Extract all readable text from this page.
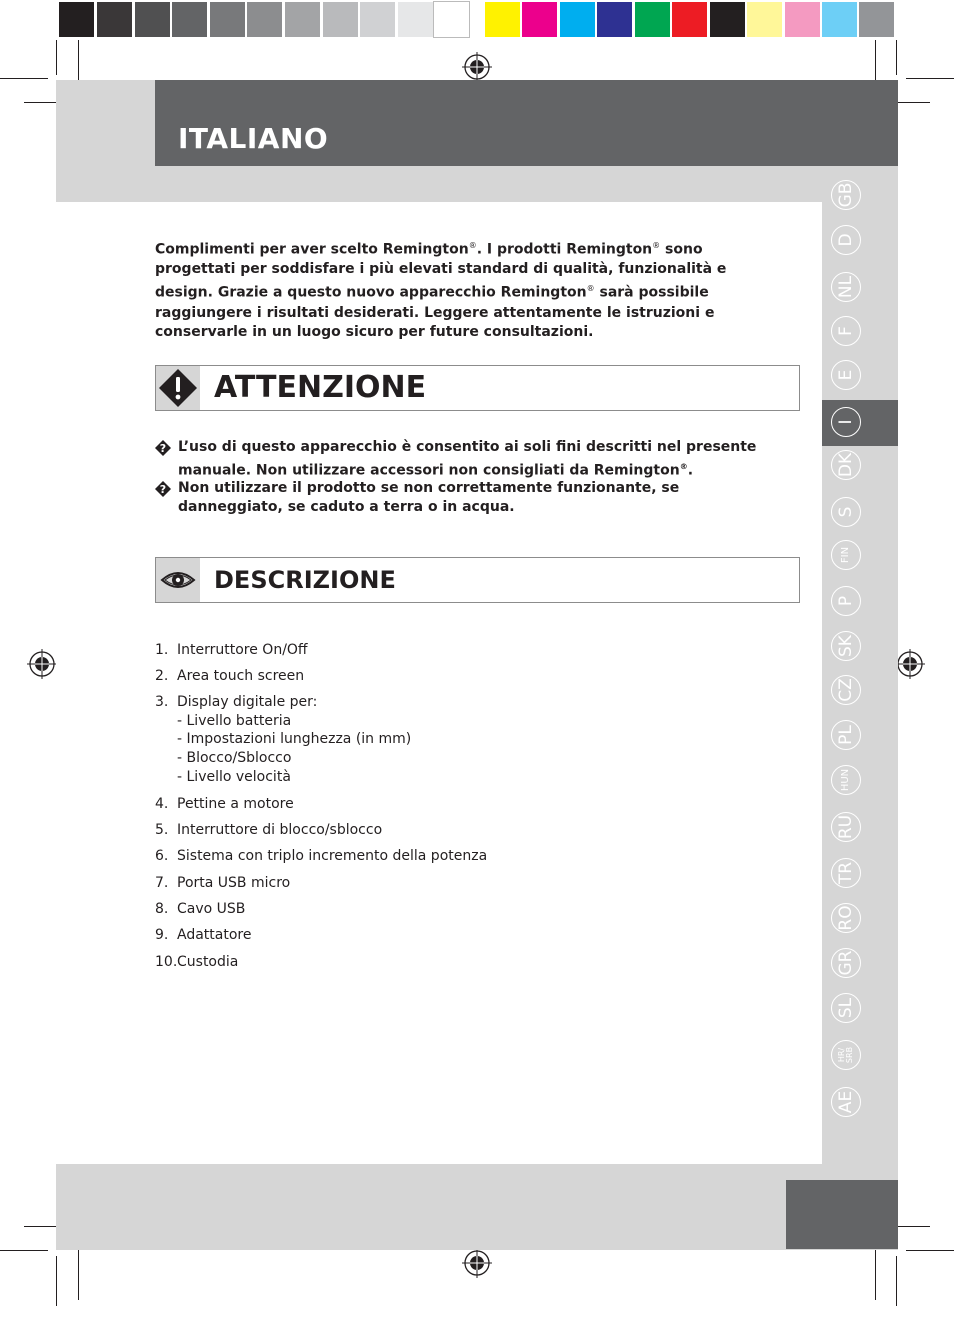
ITALIANO
Complimenti per aver scelto Remington®. I prodotti Remington® sono progettati per soddisfare i più elevati standard di qualità, funzionalità e design. Grazie a questo nuovo apparecchio Remington® sarà possibile raggiungere i risultati desiderati. Leggere attentamente le istruzioni e conservarle in un luogo sicuro per future consultazioni.
ATTENZIONE
? L’uso di questo apparecchio è consentito ai soli fini descritti nel presente manuale. Non utilizzare accessori non consigliati da Remington®.
? Non utilizzare il prodotto se non correttamente funzionante, se danneggiato, se caduto a terra o in acqua.
DESCRIZIONE
1. Interruttore On/Off
2. Area touch screen
3. Display digitale per:
- Livello batteria
- Impostazioni lunghezza (in mm)
- Blocco/Sblocco
- Livello velocità
4. Pettine a motore
5. Interruttore di blocco/sblocco
6. Sistema con triplo incremento della potenza
7. Porta USB micro
8. Cavo USB
9. Adattatore
10. Custodia
GB
D
NL
F
E
I
DK
S
FIN
P
SK
CZ
PL
HUN
RU
TR
RO
GR
SL
HR/ SRB
AE
